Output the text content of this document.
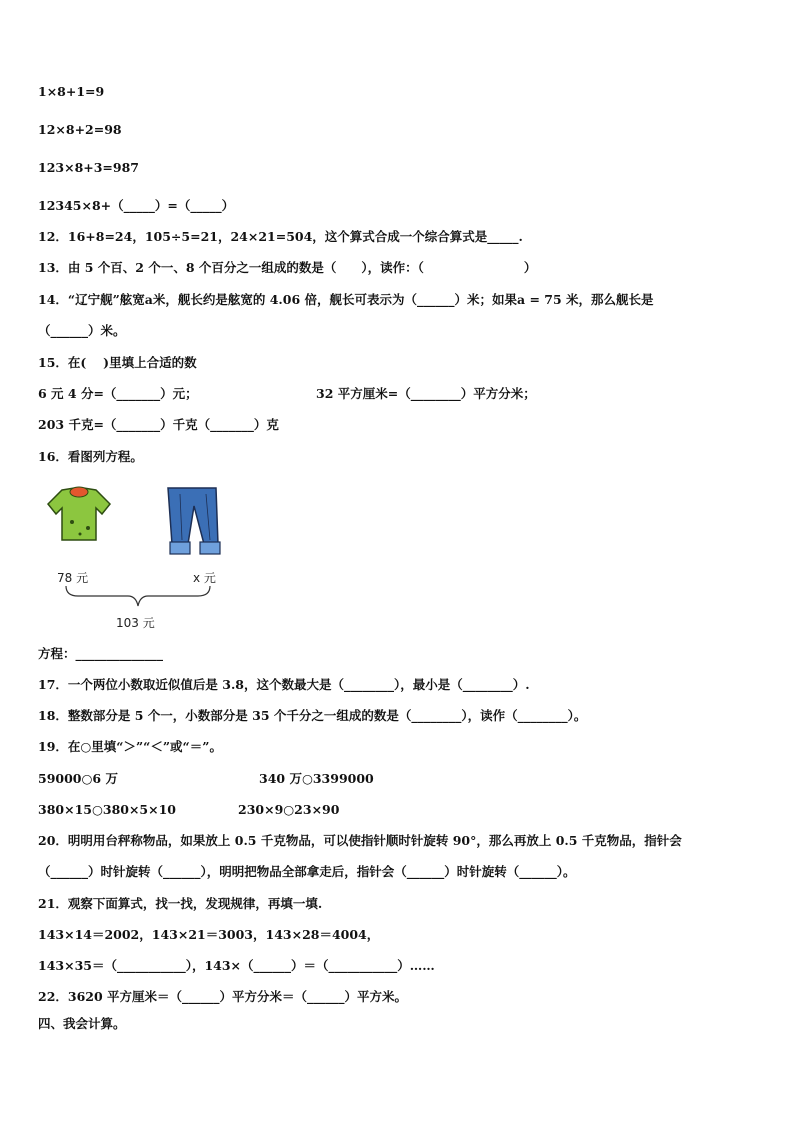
1×8+1=9
12×8+2=98
123×8+3=987
12345×8+（_____）=（_____）
12．16+8=24，105÷5=21，24×21=504，这个算式合成一个综合算式是_____.
13．由 5 个百、2 个一、8 个百分之一组成的数是（　　），读作：（　　　　　　　　）
14．“辽宁舰”舷宽a米，舰长约是舷宽的 4.06 倍，舰长可表示为（______）米；如果a = 75 米，那么舰长是
（______）米。
15．在(　 )里填上合适的数
6 元 4 分=（_______）元；	32 平方厘米=（________）平方分米；
203 千克=（_______）千克（_______）克
16．看图列方程。
78 元	x 元
103 元
方程：______________
17．一个两位小数取近似值后是 3.8，这个数最大是（________），最小是（________）.
18．整数部分是 5 个一，小数部分是 35 个千分之一组成的数是（________），读作（________）。
19．在○里填“＞”“＜”或“＝”。
59000○6 万	340 万○3399000
380×15○380×5×10	230×9○23×90
20．明明用台秤称物品，如果放上 0.5 千克物品，可以使指针顺时针旋转 90°，那么再放上 0.5 千克物品，指针会
（______）时针旋转（______），明明把物品全部拿走后，指针会（______）时针旋转（______）。
21．观察下面算式，找一找，发现规律，再填一填.
143×14＝2002，143×21＝3003，143×28＝4004，
143×35＝（___________），143×（______）＝（___________）……
22．3620 平方厘米＝（______）平方分米＝（______）平方米。
四、我会计算。
